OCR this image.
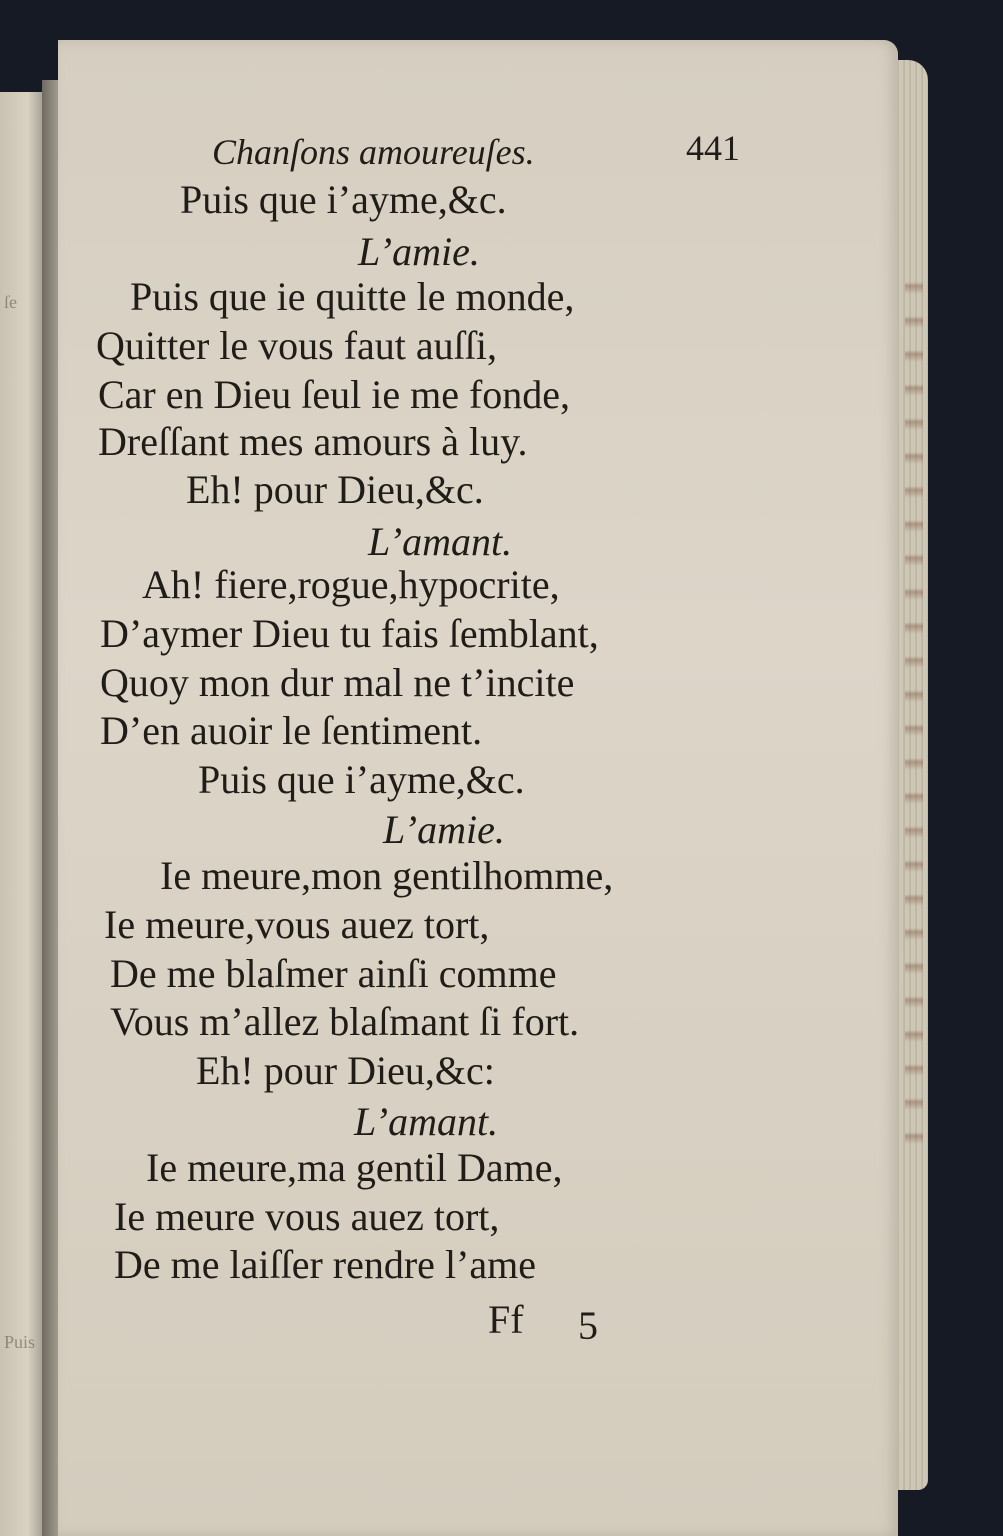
ſe
Puis
Chanſons amoureuſes.	441
Puis que i’ayme,&c.
L’amie.
Puis que ie quitte le monde,
Quitter le vous faut auſſi,
Car en Dieu ſeul ie me fonde,
Dreſſant mes amours à luy.
Eh! pour Dieu,&c.
L’amant.
Ah! fiere,rogue,hypocrite,
D’aymer Dieu tu fais ſemblant,
Quoy mon dur mal ne t’incite
D’en auoir le ſentiment.
Puis que i’ayme,&c.
L’amie.
Ie meure,mon gentilhomme,
Ie meure,vous auez tort,
De me blaſmer ainſi comme
Vous m’allez blaſmant ſi fort.
Eh! pour Dieu,&c:
L’amant.
Ie meure,ma gentil Dame,
Ie meure vous auez tort,
De me laiſſer rendre l’ame
Ff 5
